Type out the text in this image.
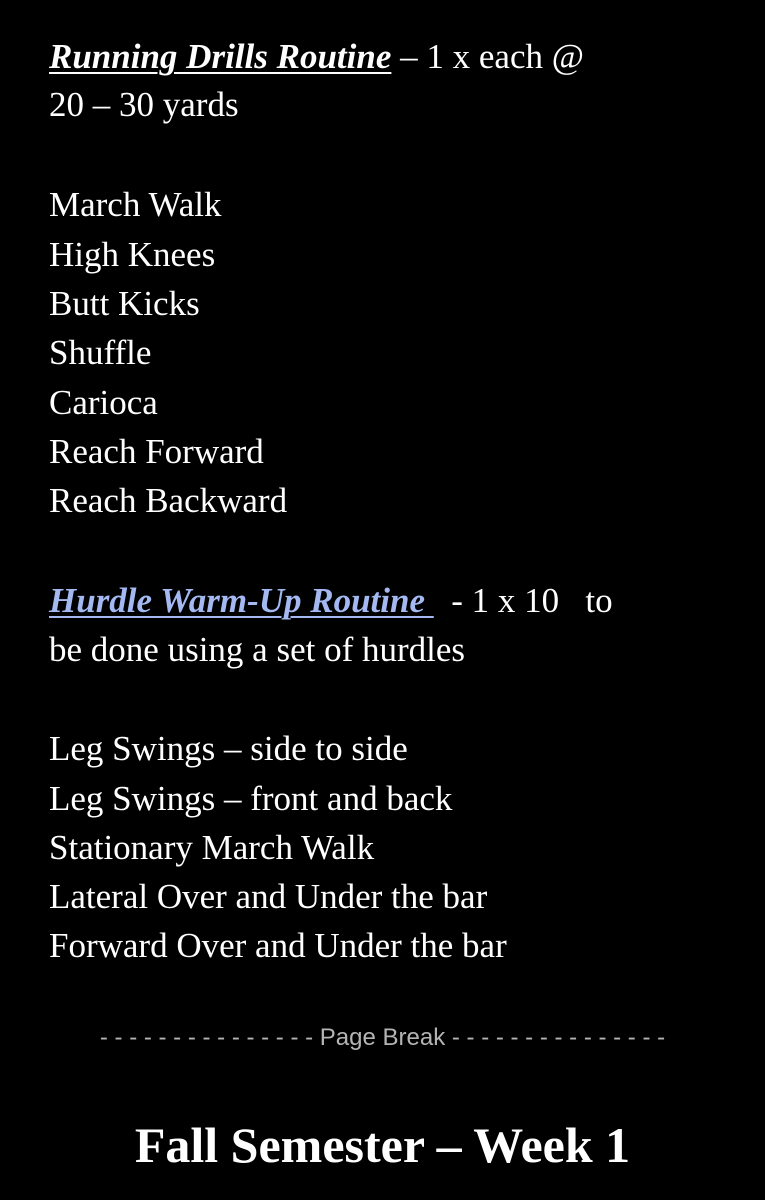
Running Drills Routine – 1 x each @
20 – 30 yards
March Walk
High Knees
Butt Kicks
Shuffle
Carioca
Reach Forward
Reach Backward
Hurdle Warm-Up Routine   - 1 x 10   to
be done using a set of hurdles
Leg Swings – side to side
Leg Swings – front and back
Stationary March Walk
Lateral Over and Under the bar
Forward Over and Under the bar
- - - - - - - - - - - - - - - Page Break - - - - - - - - - - - - - - -
Fall Semester – Week 1
